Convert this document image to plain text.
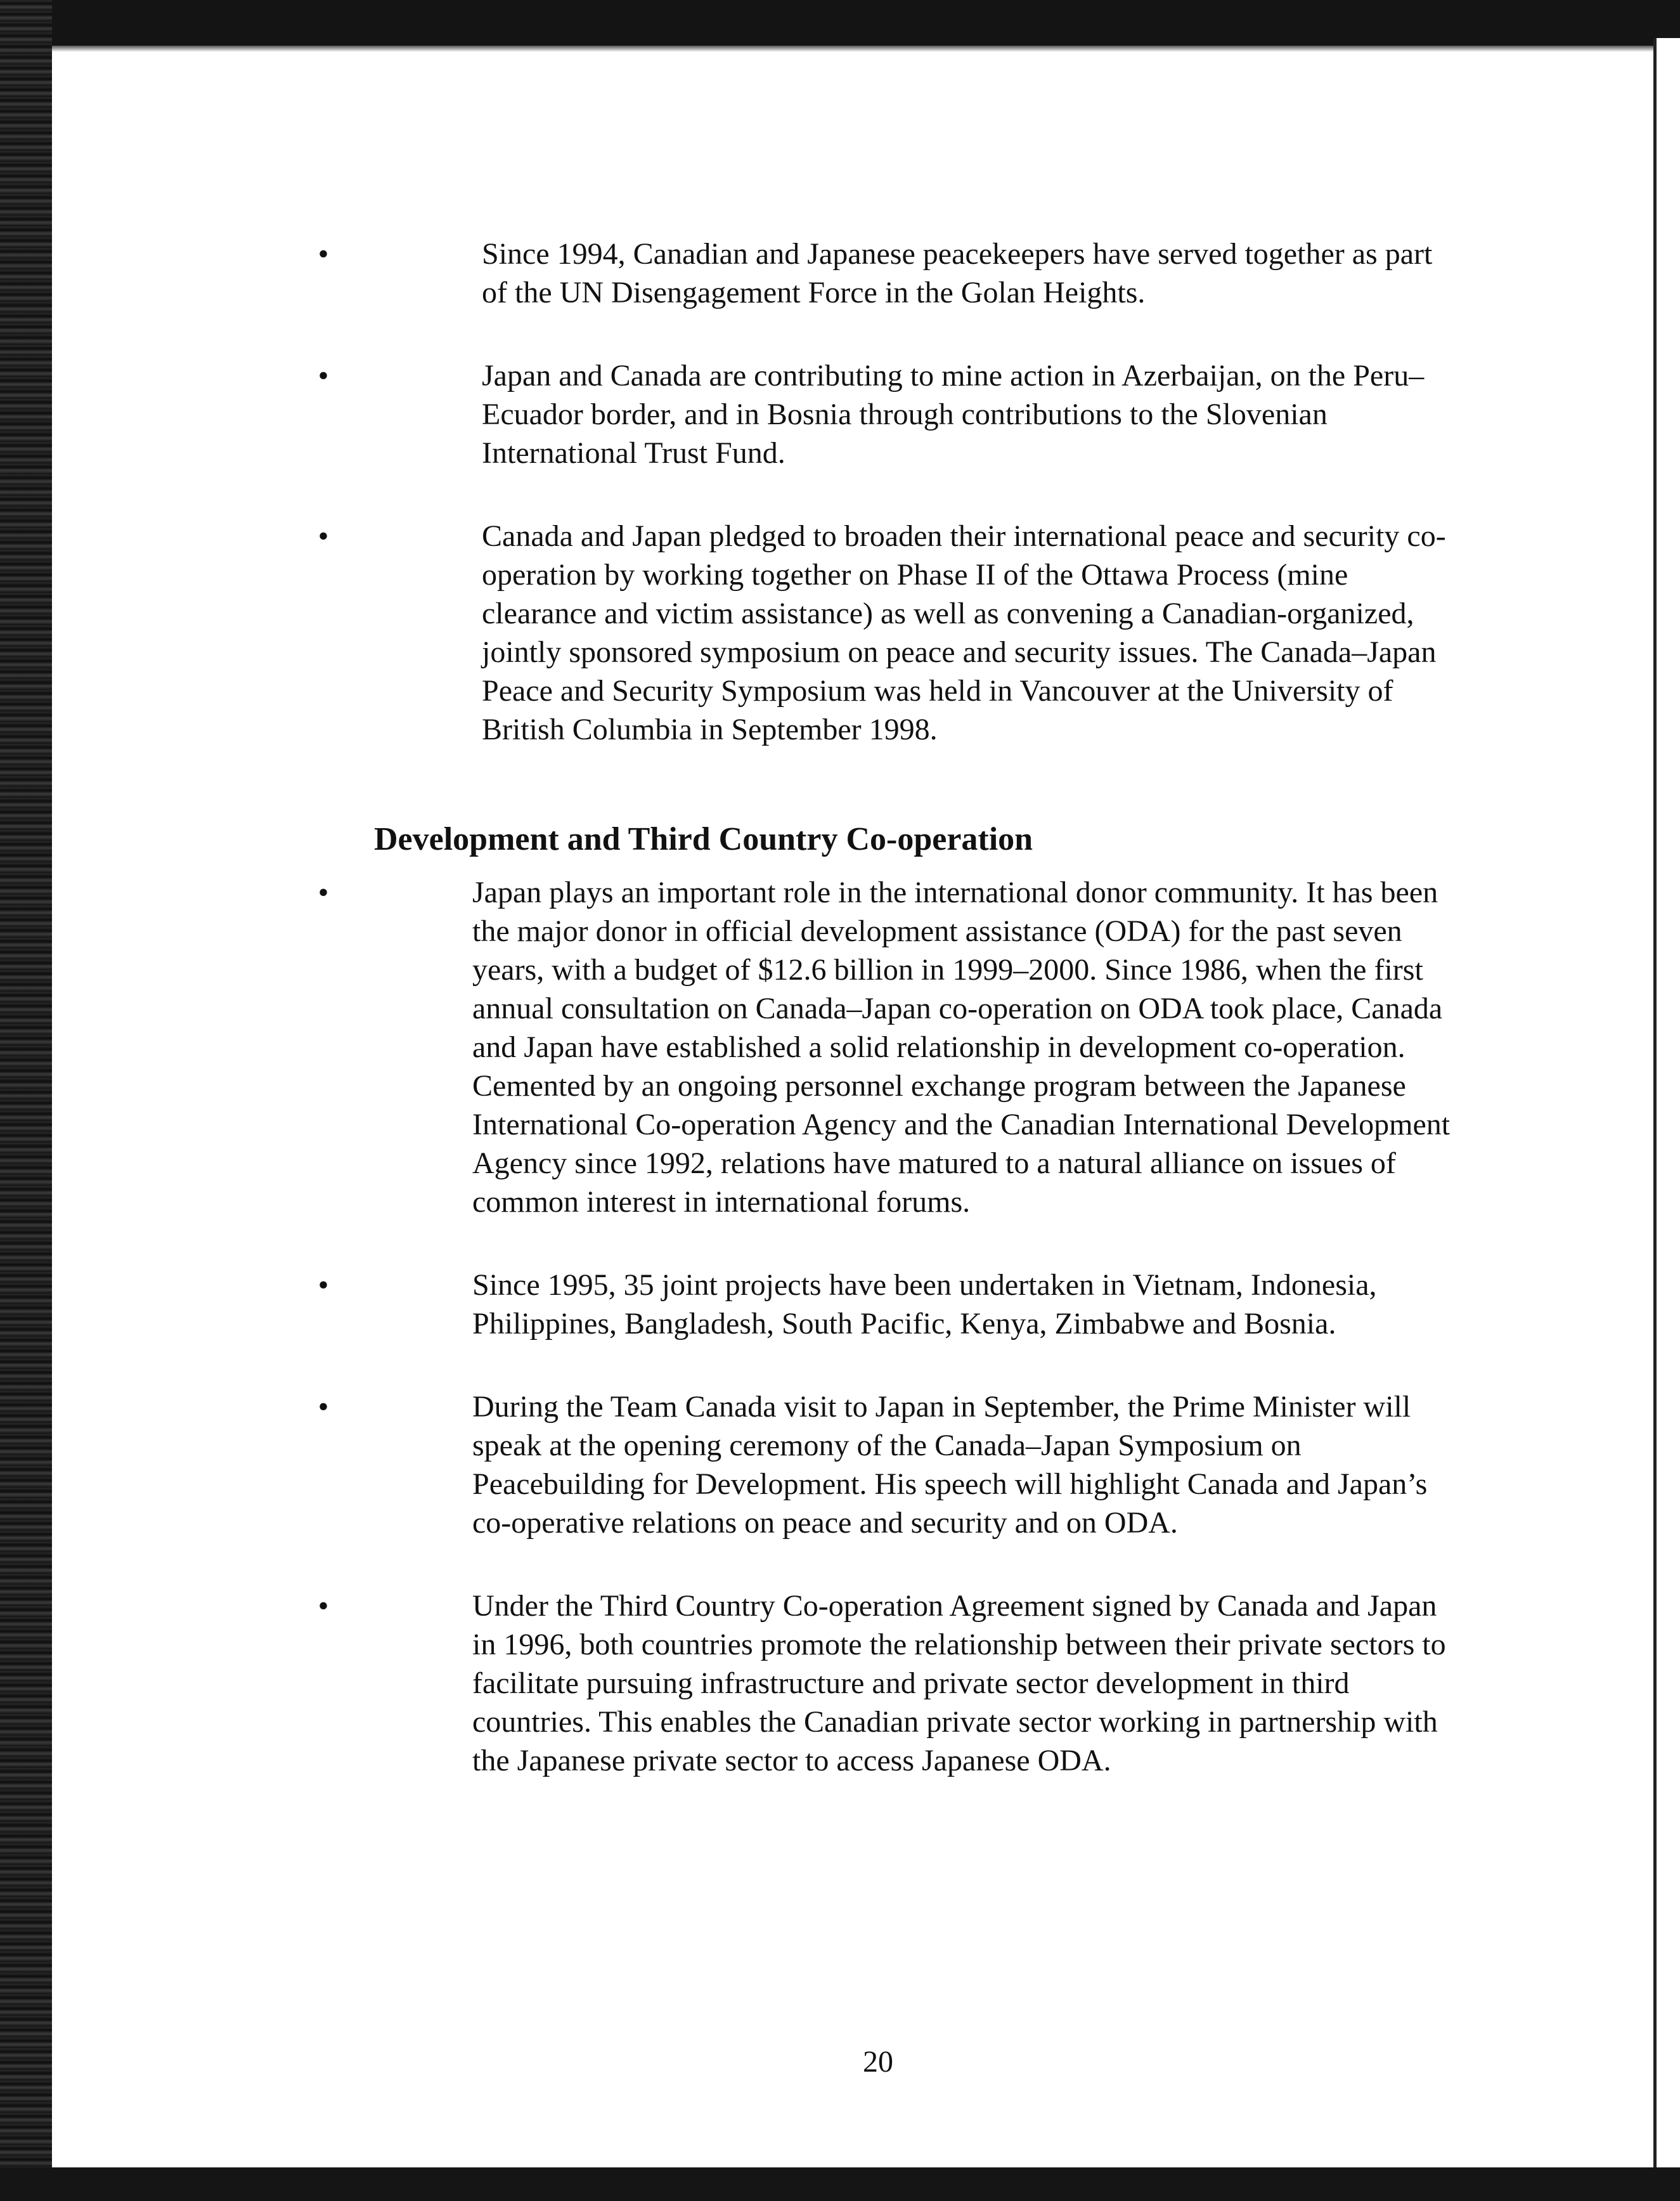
•	Since 1994, Canadian and Japanese peacekeepers have served together as part of the UN Disengagement Force in the Golan Heights.
•	Japan and Canada are contributing to mine action in Azerbaijan, on the Peru–Ecuador border, and in Bosnia through contributions to the Slovenian International Trust Fund.
•	Canada and Japan pledged to broaden their international peace and security co-operation by working together on Phase II of the Ottawa Process (mine clearance and victim assistance) as well as convening a Canadian-organized, jointly sponsored symposium on peace and security issues. The Canada–Japan Peace and Security Symposium was held in Vancouver at the University of British Columbia in September 1998.
Development and Third Country Co-operation
•	Japan plays an important role in the international donor community. It has been the major donor in official development assistance (ODA) for the past seven years, with a budget of $12.6 billion in 1999–2000. Since 1986, when the first annual consultation on Canada–Japan co-operation on ODA took place, Canada and Japan have established a solid relationship in development co-operation. Cemented by an ongoing personnel exchange program between the Japanese International Co-operation Agency and the Canadian International Development Agency since 1992, relations have matured to a natural alliance on issues of common interest in international forums.
•	Since 1995, 35 joint projects have been undertaken in Vietnam, Indonesia, Philippines, Bangladesh, South Pacific, Kenya, Zimbabwe and Bosnia.
•	During the Team Canada visit to Japan in September, the Prime Minister will speak at the opening ceremony of the Canada–Japan Symposium on Peacebuilding for Development. His speech will highlight Canada and Japan’s co-operative relations on peace and security and on ODA.
•	Under the Third Country Co-operation Agreement signed by Canada and Japan in 1996, both countries promote the relationship between their private sectors to facilitate pursuing infrastructure and private sector development in third countries. This enables the Canadian private sector working in partnership with the Japanese private sector to access Japanese ODA.
20
